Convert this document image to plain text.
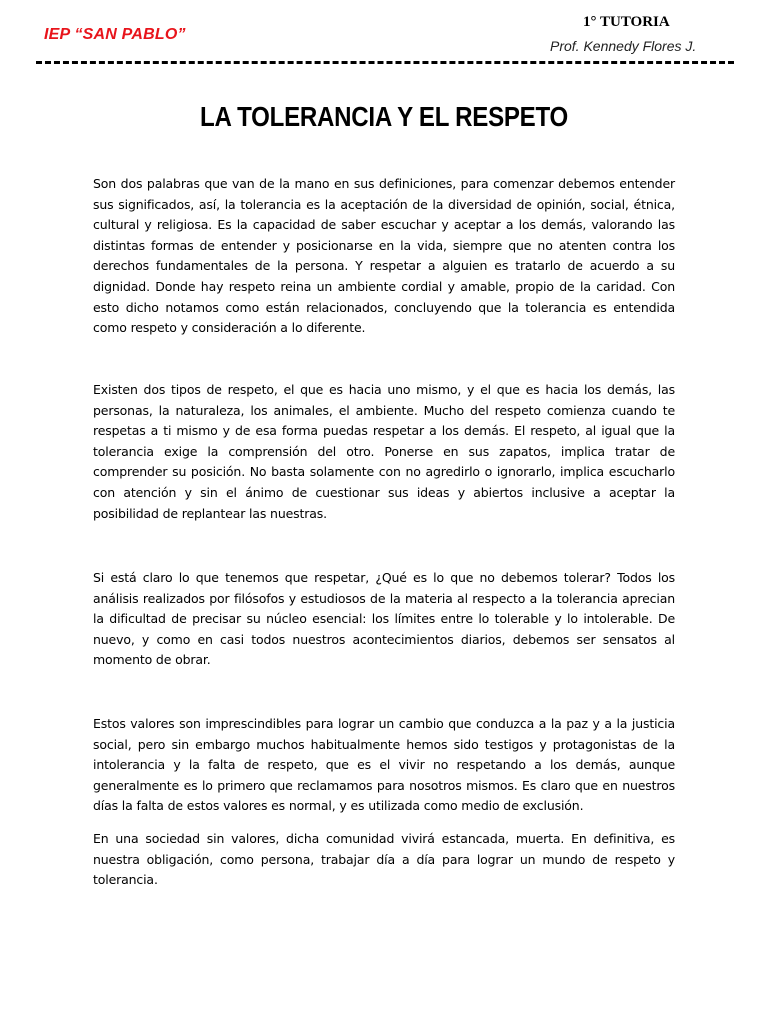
IEP “SAN PABLO”
1° TUTORIA
Prof. Kennedy Flores J.
LA TOLERANCIA Y EL RESPETO

Son dos palabras que van de la mano en sus definiciones, para comenzar debemos entender sus significados, así, la tolerancia es la aceptación de la diversidad de opinión, social, étnica, cultural y religiosa. Es la capacidad de saber escuchar y aceptar a los demás, valorando las distintas formas de entender y posicionarse en la vida, siempre que no atenten contra los derechos fundamentales de la persona. Y respetar a alguien es tratarlo de acuerdo a su dignidad. Donde hay respeto reina un ambiente cordial y amable, propio de la caridad. Con esto dicho notamos como están relacionados, concluyendo que la tolerancia es entendida como respeto y consideración a lo diferente.

Existen dos tipos de respeto, el que es hacia uno mismo, y el que es hacia los demás, las personas, la naturaleza, los animales, el ambiente. Mucho del respeto comienza cuando te respetas a ti mismo y de esa forma puedas respetar a los demás. El respeto, al igual que la tolerancia exige la comprensión del otro. Ponerse en sus zapatos, implica tratar de comprender su posición. No basta solamente con no agredirlo o ignorarlo, implica escucharlo con atención y sin el ánimo de cuestionar sus ideas y abiertos inclusive a aceptar la posibilidad de replantear las nuestras.

Si está claro lo que tenemos que respetar, ¿Qué es lo que no debemos tolerar? Todos los análisis realizados por filósofos y estudiosos de la materia al respecto a la tolerancia aprecian la dificultad de precisar su núcleo esencial: los límites entre lo tolerable y lo intolerable. De nuevo, y como en casi todos nuestros acontecimientos diarios, debemos ser sensatos al momento de obrar.

Estos valores son imprescindibles para lograr un cambio que conduzca a la paz y a la justicia social, pero sin embargo muchos habitualmente hemos sido testigos y protagonistas de la intolerancia y la falta de respeto, que es el vivir no respetando a los demás, aunque generalmente es lo primero que reclamamos para nosotros mismos. Es claro que en nuestros días la falta de estos valores es normal, y es utilizada como medio de exclusión.

En una sociedad sin valores, dicha comunidad vivirá estancada, muerta. En definitiva, es nuestra obligación, como persona, trabajar día a día para lograr un mundo de respeto y tolerancia.
